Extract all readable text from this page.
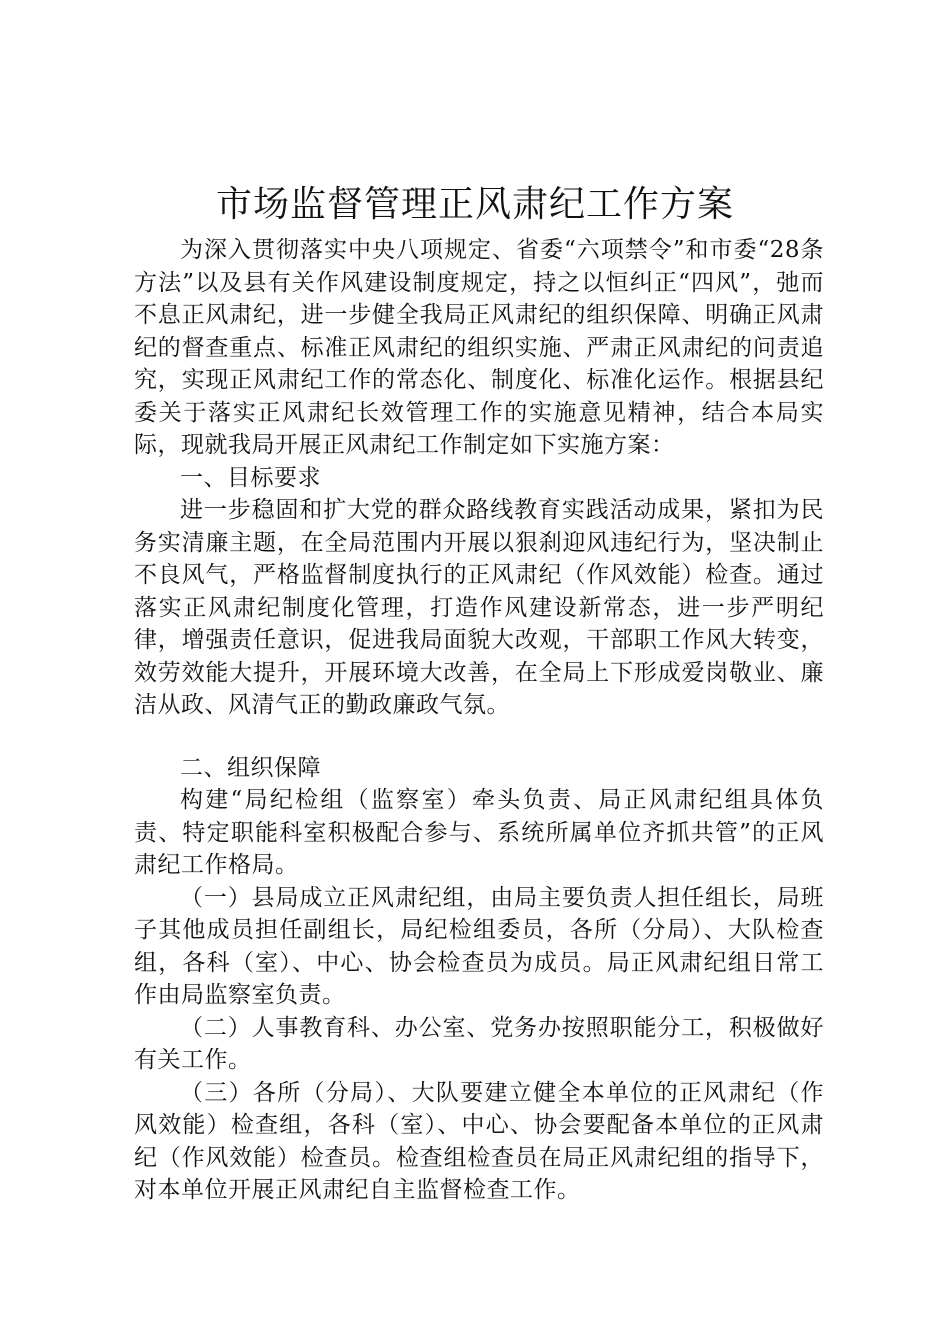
市场监督管理正风肃纪工作方案

为深入贯彻落实中央八项规定、省委“六项禁令”和市委“28条方法”以及县有关作风建设制度规定，持之以恒纠正“四风”，弛而不息正风肃纪，进一步健全我局正风肃纪的组织保障、明确正风肃纪的督查重点、标准正风肃纪的组织实施、严肃正风肃纪的问责追究，实现正风肃纪工作的常态化、制度化、标准化运作。根据县纪委关于落实正风肃纪长效管理工作的实施意见精神，结合本局实际，现就我局开展正风肃纪工作制定如下实施方案：

一、目标要求

进一步稳固和扩大党的群众路线教育实践活动成果，紧扣为民务实清廉主题，在全局范围内开展以狠刹迎风违纪行为，坚决制止不良风气，严格监督制度执行的正风肃纪（作风效能）检查。通过落实正风肃纪制度化管理，打造作风建设新常态，进一步严明纪律，增强责任意识，促进我局面貌大改观，干部职工作风大转变，效劳效能大提升，开展环境大改善，在全局上下形成爱岗敬业、廉洁从政、风清气正的勤政廉政气氛。

二、组织保障

构建“局纪检组（监察室）牵头负责、局正风肃纪组具体负责、特定职能科室积极配合参与、系统所属单位齐抓共管”的正风肃纪工作格局。

（一）县局成立正风肃纪组，由局主要负责人担任组长，局班子其他成员担任副组长，局纪检组委员，各所（分局）、大队检查组，各科（室）、中心、协会检查员为成员。局正风肃纪组日常工作由局监察室负责。

（二）人事教育科、办公室、党务办按照职能分工，积极做好有关工作。

（三）各所（分局）、大队要建立健全本单位的正风肃纪（作风效能）检查组，各科（室）、中心、协会要配备本单位的正风肃纪（作风效能）检查员。检查组检查员在局正风肃纪组的指导下，对本单位开展正风肃纪自主监督检查工作。
